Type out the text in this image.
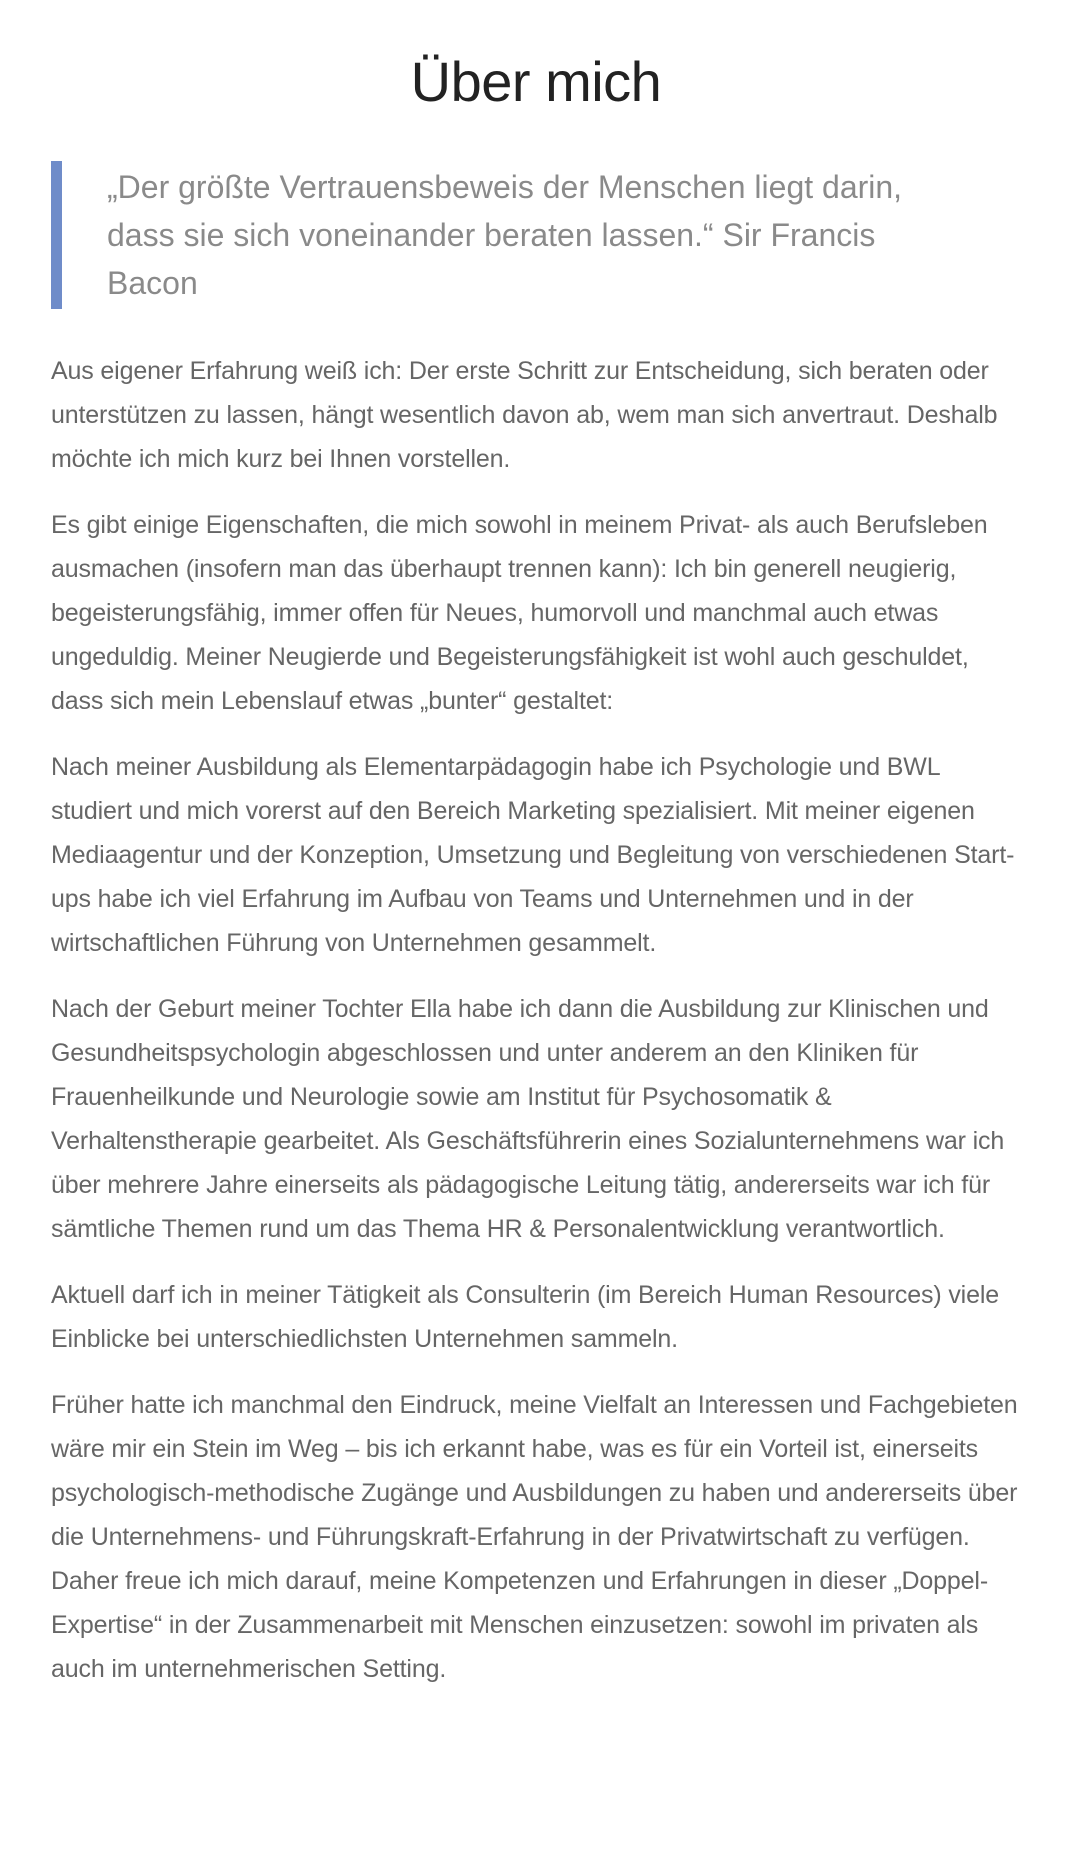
Über mich

„Der größte Vertrauensbeweis der Menschen liegt darin, dass sie sich voneinander beraten lassen.“ Sir Francis Bacon

Aus eigener Erfahrung weiß ich: Der erste Schritt zur Entscheidung, sich beraten oder unterstützen zu lassen, hängt wesentlich davon ab, wem man sich anvertraut. Deshalb möchte ich mich kurz bei Ihnen vorstellen.

Es gibt einige Eigenschaften, die mich sowohl in meinem Privat- als auch Berufsleben ausmachen (insofern man das überhaupt trennen kann): Ich bin generell neugierig, begeisterungsfähig, immer offen für Neues, humorvoll und manchmal auch etwas ungeduldig. Meiner Neugierde und Begeisterungsfähigkeit ist wohl auch geschuldet, dass sich mein Lebenslauf etwas „bunter“ gestaltet:

Nach meiner Ausbildung als Elementarpädagogin habe ich Psychologie und BWL studiert und mich vorerst auf den Bereich Marketing spezialisiert. Mit meiner eigenen Mediaagentur und der Konzeption, Umsetzung und Begleitung von verschiedenen Start-ups habe ich viel Erfahrung im Aufbau von Teams und Unternehmen und in der wirtschaftlichen Führung von Unternehmen gesammelt.

Nach der Geburt meiner Tochter Ella habe ich dann die Ausbildung zur Klinischen und Gesundheitspsychologin abgeschlossen und unter anderem an den Kliniken für Frauenheilkunde und Neurologie sowie am Institut für Psychosomatik & Verhaltenstherapie gearbeitet. Als Geschäftsführerin eines Sozialunternehmens war ich über mehrere Jahre einerseits als pädagogische Leitung tätig, andererseits war ich für sämtliche Themen rund um das Thema HR & Personalentwicklung verantwortlich.

Aktuell darf ich in meiner Tätigkeit als Consulterin (im Bereich Human Resources) viele Einblicke bei unterschiedlichsten Unternehmen sammeln.

Früher hatte ich manchmal den Eindruck, meine Vielfalt an Interessen und Fachgebieten wäre mir ein Stein im Weg – bis ich erkannt habe, was es für ein Vorteil ist, einerseits psychologisch-methodische Zugänge und Ausbildungen zu haben und andererseits über die Unternehmens- und Führungskraft-Erfahrung in der Privatwirtschaft zu verfügen. Daher freue ich mich darauf, meine Kompetenzen und Erfahrungen in dieser „Doppel-Expertise“ in der Zusammenarbeit mit Menschen einzusetzen: sowohl im privaten als auch im unternehmerischen Setting.
